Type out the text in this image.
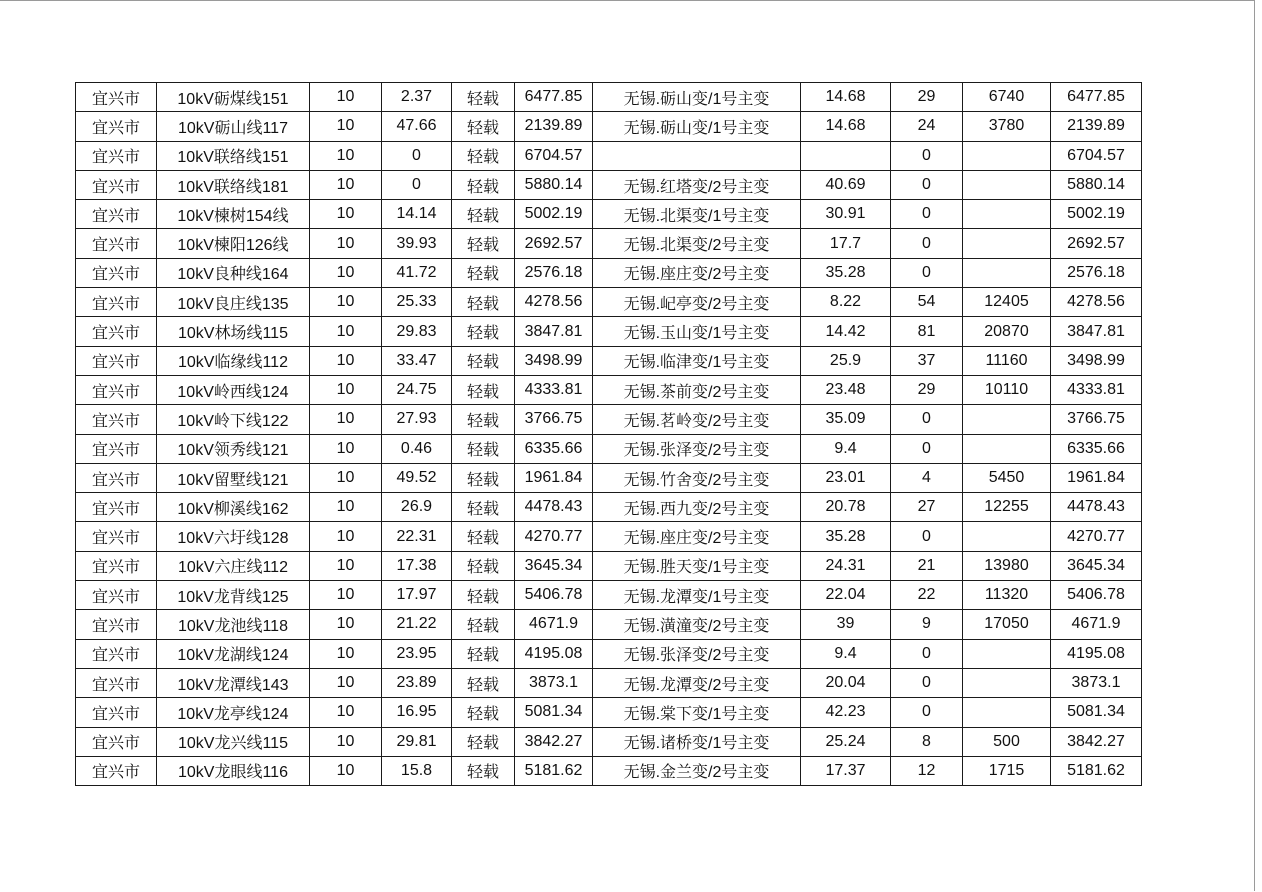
宜兴市	10kV砺煤线151	10	2.37	轻载	6477.85	无锡.砺山变/1号主变	14.68	29	6740	6477.85
宜兴市	10kV砺山线117	10	47.66	轻载	2139.89	无锡.砺山变/1号主变	14.68	24	3780	2139.89
宜兴市	10kV联络线151	10	0	轻载	6704.57			0		6704.57
宜兴市	10kV联络线181	10	0	轻载	5880.14	无锡.红塔变/2号主变	40.69	0		5880.14
宜兴市	10kV楝树154线	10	14.14	轻载	5002.19	无锡.北渠变/1号主变	30.91	0		5002.19
宜兴市	10kV楝阳126线	10	39.93	轻载	2692.57	无锡.北渠变/2号主变	17.7	0		2692.57
宜兴市	10kV良种线164	10	41.72	轻载	2576.18	无锡.座庄变/2号主变	35.28	0		2576.18
宜兴市	10kV良庄线135	10	25.33	轻载	4278.56	无锡.屺亭变/2号主变	8.22	54	12405	4278.56
宜兴市	10kV林场线115	10	29.83	轻载	3847.81	无锡.玉山变/1号主变	14.42	81	20870	3847.81
宜兴市	10kV临缘线112	10	33.47	轻载	3498.99	无锡.临津变/1号主变	25.9	37	11160	3498.99
宜兴市	10kV岭西线124	10	24.75	轻载	4333.81	无锡.茶前变/2号主变	23.48	29	10110	4333.81
宜兴市	10kV岭下线122	10	27.93	轻载	3766.75	无锡.茗岭变/2号主变	35.09	0		3766.75
宜兴市	10kV领秀线121	10	0.46	轻载	6335.66	无锡.张泽变/2号主变	9.4	0		6335.66
宜兴市	10kV留墅线121	10	49.52	轻载	1961.84	无锡.竹舍变/2号主变	23.01	4	5450	1961.84
宜兴市	10kV柳溪线162	10	26.9	轻载	4478.43	无锡.西九变/2号主变	20.78	27	12255	4478.43
宜兴市	10kV六圩线128	10	22.31	轻载	4270.77	无锡.座庄变/2号主变	35.28	0		4270.77
宜兴市	10kV六庄线112	10	17.38	轻载	3645.34	无锡.胜天变/1号主变	24.31	21	13980	3645.34
宜兴市	10kV龙背线125	10	17.97	轻载	5406.78	无锡.龙潭变/1号主变	22.04	22	11320	5406.78
宜兴市	10kV龙池线118	10	21.22	轻载	4671.9	无锡.潢潼变/2号主变	39	9	17050	4671.9
宜兴市	10kV龙湖线124	10	23.95	轻载	4195.08	无锡.张泽变/2号主变	9.4	0		4195.08
宜兴市	10kV龙潭线143	10	23.89	轻载	3873.1	无锡.龙潭变/2号主变	20.04	0		3873.1
宜兴市	10kV龙亭线124	10	16.95	轻载	5081.34	无锡.棠下变/1号主变	42.23	0		5081.34
宜兴市	10kV龙兴线115	10	29.81	轻载	3842.27	无锡.诸桥变/1号主变	25.24	8	500	3842.27
宜兴市	10kV龙眼线116	10	15.8	轻载	5181.62	无锡.金兰变/2号主变	17.37	12	1715	5181.62
